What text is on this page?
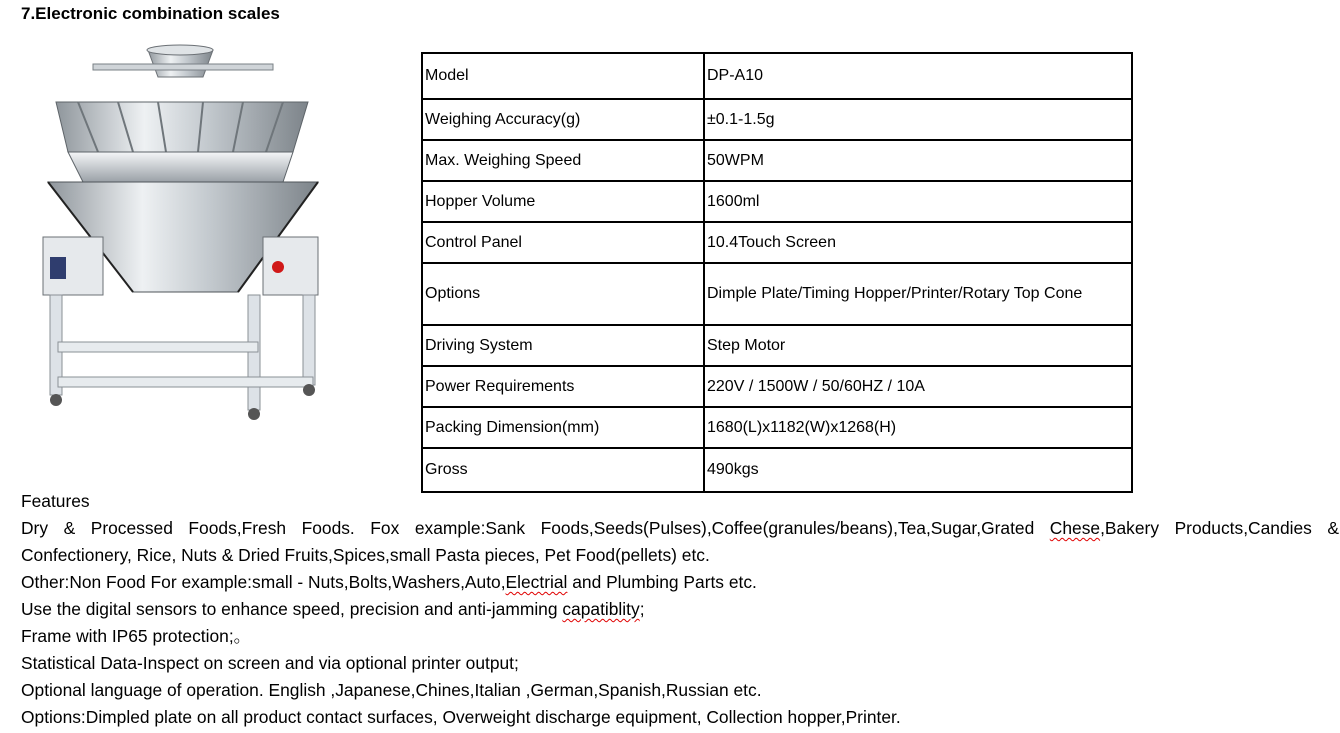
7.Electronic combination scales
Model	DP-A10
Weighing Accuracy(g)	±0.1-1.5g
Max. Weighing Speed	50WPM
Hopper Volume	1600ml
Control Panel	10.4Touch Screen
Options	Dimple Plate/Timing Hopper/Printer/Rotary Top Cone
Driving System	Step Motor
Power Requirements	220V / 1500W / 50/60HZ / 10A
Packing Dimension(mm)	1680(L)x1182(W)x1268(H)
Gross	490kgs

Features

Dry & Processed Foods,Fresh Foods. Fox example:Sank Foods,Seeds(Pulses),Coffee(granules/beans),Tea,Sugar,Grated Chese,Bakery Products,Candies &

Confectionery, Rice, Nuts & Dried Fruits,Spices,small Pasta pieces, Pet Food(pellets) etc.

Other:Non Food For example:small - Nuts,Bolts,Washers,Auto,Electrial and Plumbing Parts etc.

Use the digital sensors to enhance speed, precision and anti-jamming capatiblity;

Frame with IP65 protection;。

Statistical Data-Inspect on screen and via optional printer output;

Optional language of operation. English ,Japanese,Chines,Italian ,German,Spanish,Russian etc.

Options:Dimpled plate on all product contact surfaces, Overweight discharge equipment, Collection hopper,Printer.
